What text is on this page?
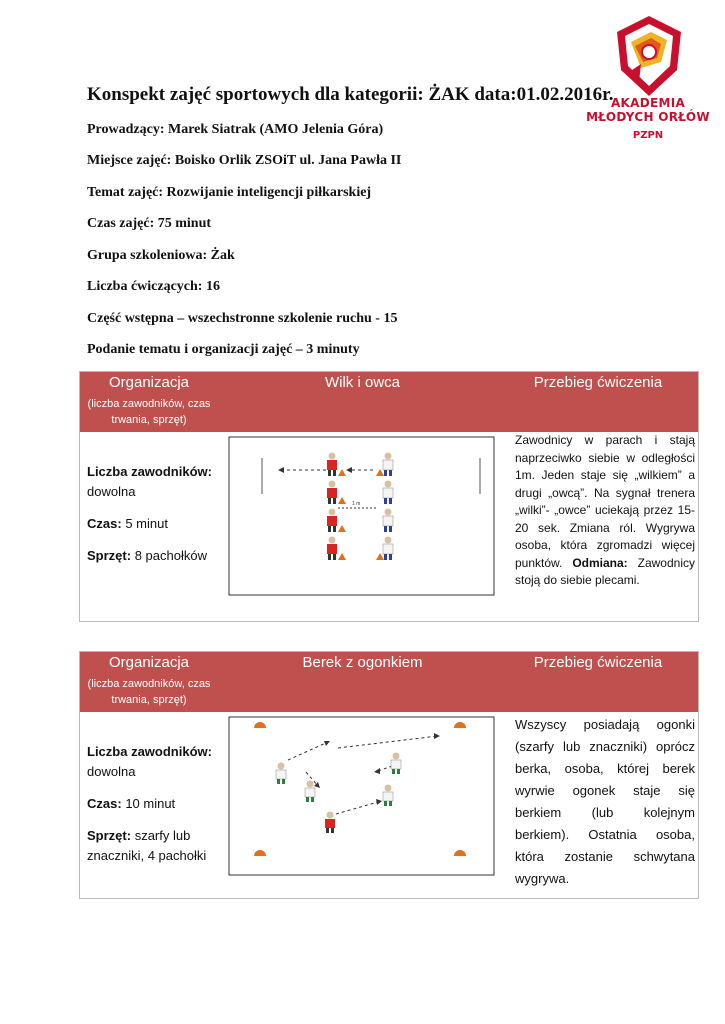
AKADEMIA
MŁODYCH ORŁÓW
PZPN
Konspekt zajęć sportowych dla kategorii: ŻAK data:01.02.2016r.
Prowadzący: Marek Siatrak (AMO Jelenia Góra)
Miejsce zajęć: Boisko Orlik ZSOiT ul. Jana Pawła II
Temat zajęć: Rozwijanie inteligencji piłkarskiej
Czas zajęć: 75 minut
Grupa szkoleniowa: Żak
Liczba ćwiczących: 16
Część wstępna – wszechstronne szkolenie ruchu - 15
Podanie tematu i organizacji zajęć – 3 minuty
Organizacja
(liczba zawodników, czas trwania, sprzęt)
Wilk i owca	Przebieg ćwiczenia

Liczba zawodników:

dowolna

Czas: 5 minut

Sprzęt: 8 pachołków

1 m
Zawodnicy w parach i stają naprzeciwko siebie w odległości 1m. Jeden staje się „wilkiem” a drugi „owcą”. Na sygnał trenera „wilki”- „owce” uciekają przez 15-20 sek. Zmiana ról. Wygrywa osoba, która zgromadzi więcej punktów. Odmiana: Zawodnicy stoją do siebie plecami.
Organizacja
(liczba zawodników, czas trwania, sprzęt)
Berek z ogonkiem	Przebieg ćwiczenia

Liczba zawodników:

dowolna

Czas: 10 minut

Sprzęt: szarfy lub znaczniki, 4 pachołki

Wszyscy posiadają ogonki (szarfy lub znaczniki) oprócz berka, osoba, której berek wyrwie ogonek staje się berkiem (lub kolejnym berkiem). Ostatnia osoba, która zostanie schwytana wygrywa.
